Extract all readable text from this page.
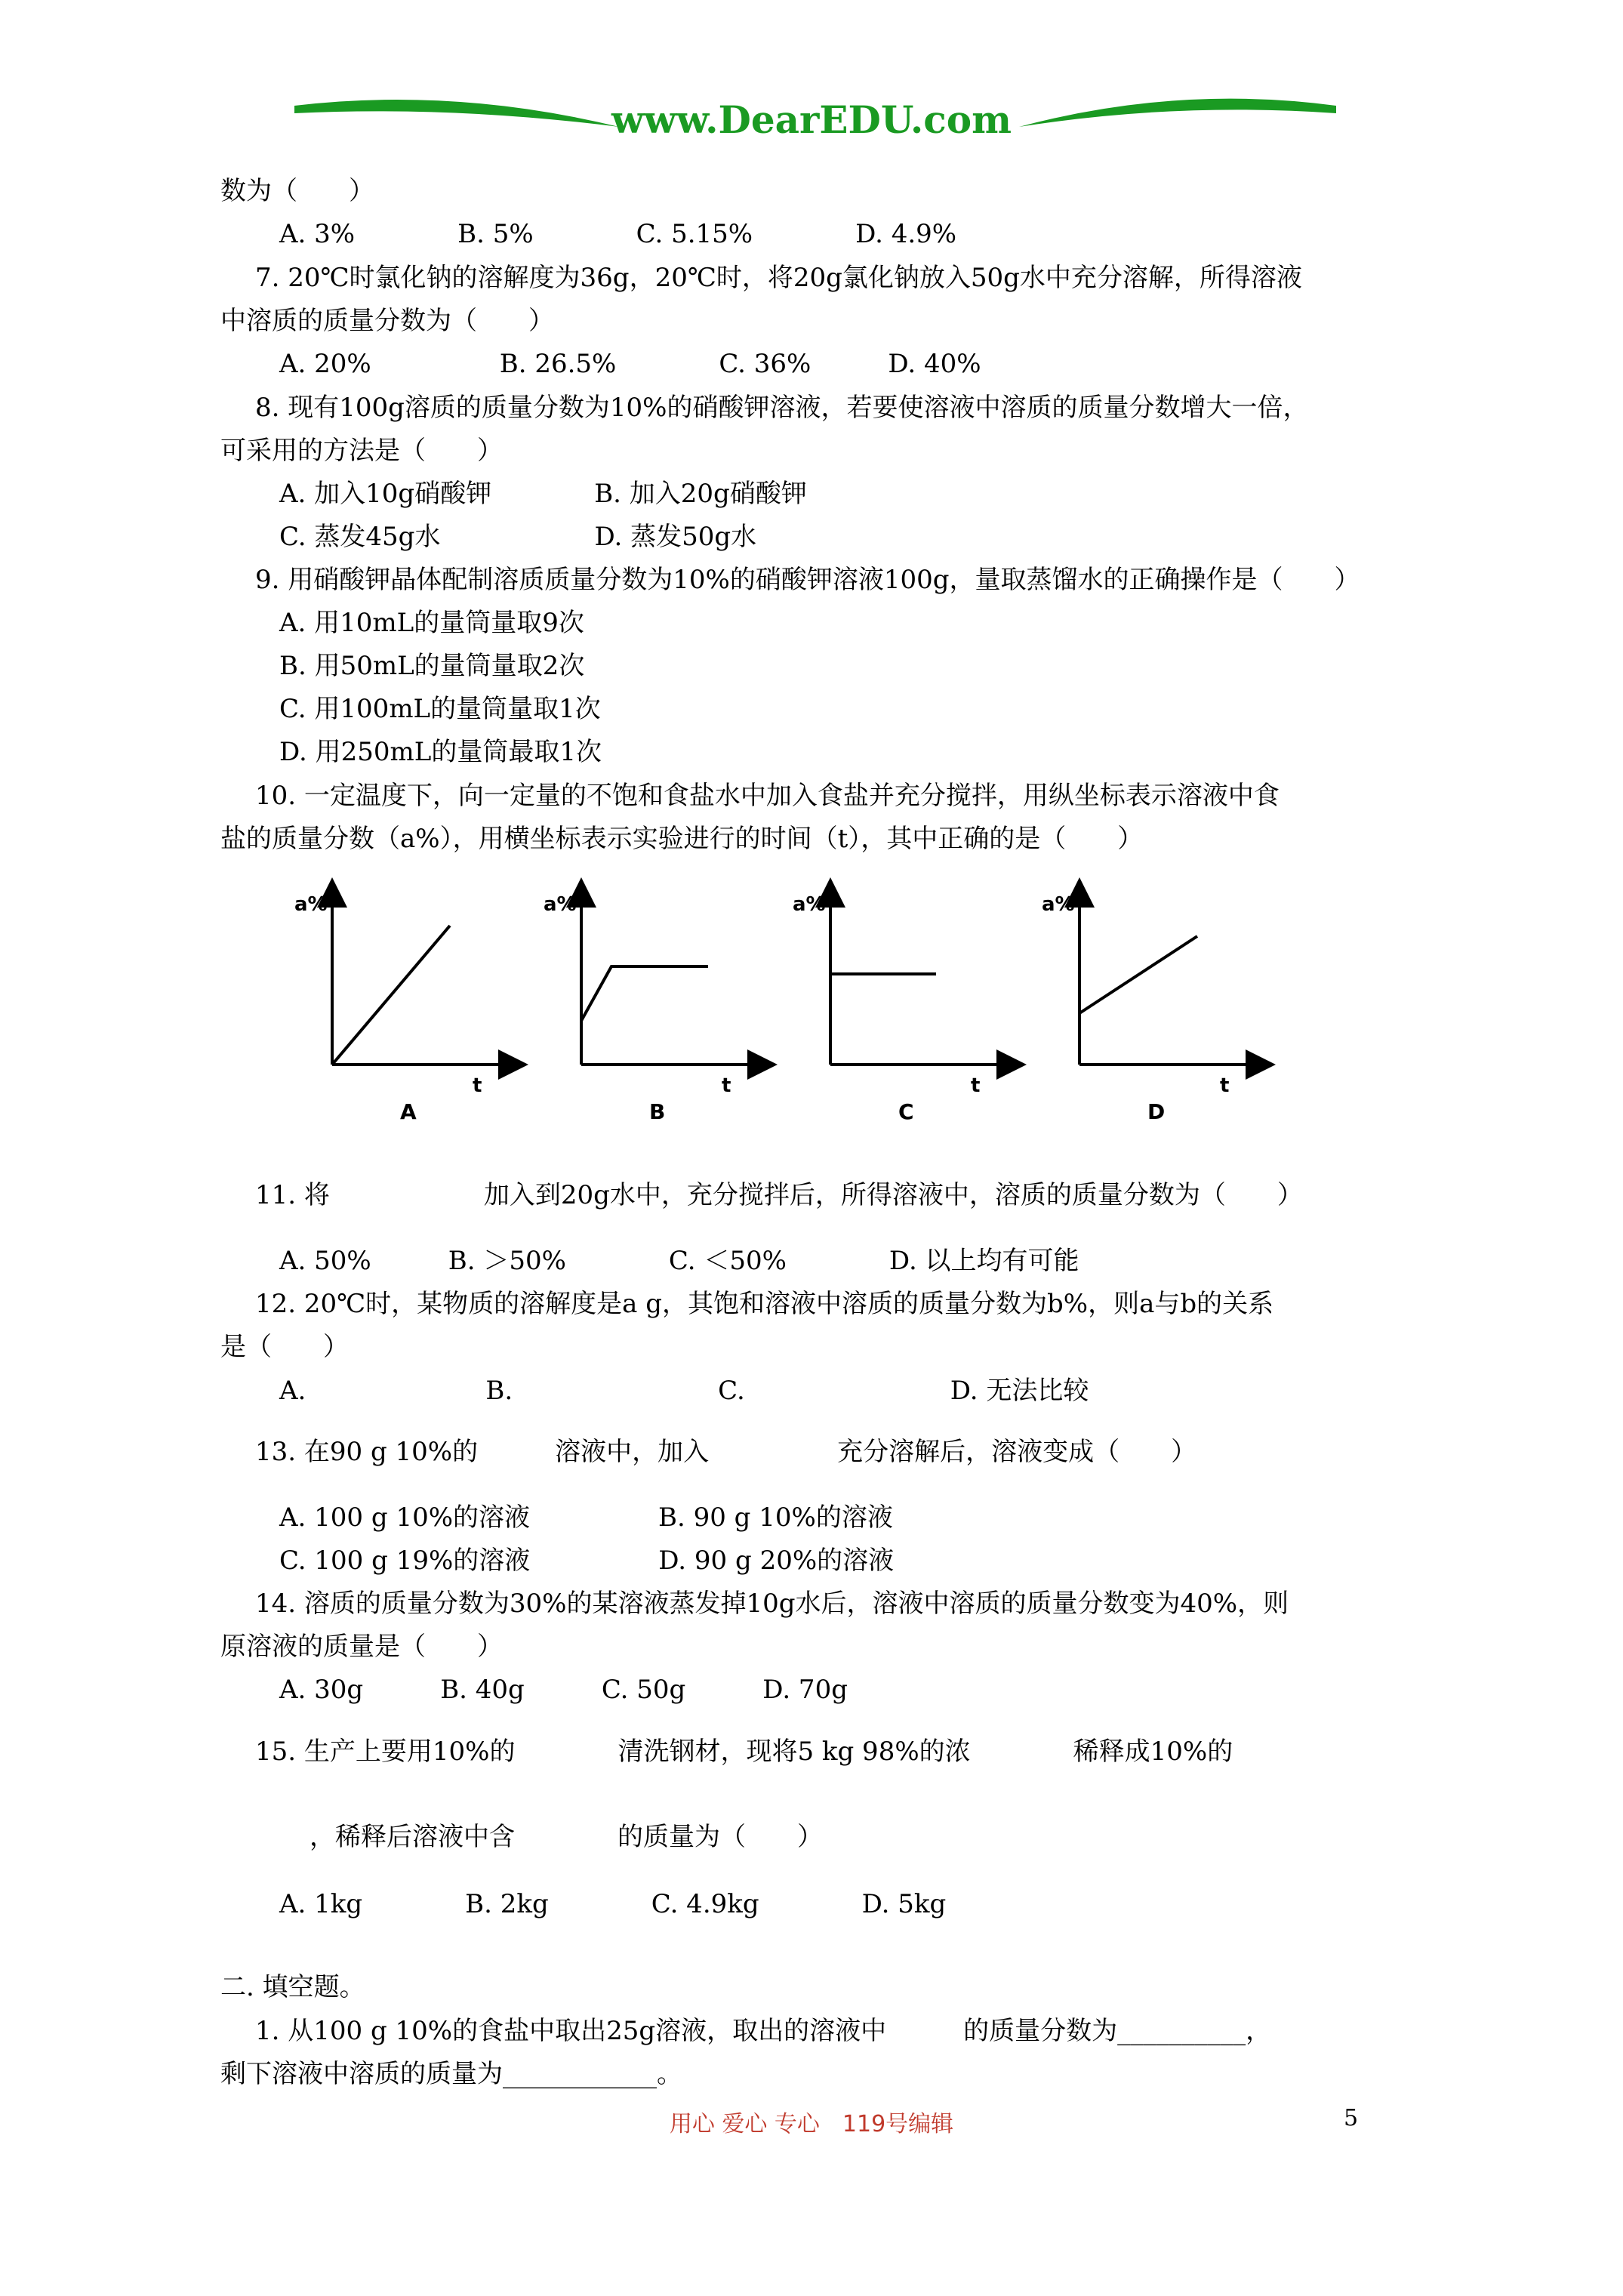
www.DearEDU.com
数为（　　）
A. 3%　　　　B. 5%　　　　C. 5.15%　　　　D. 4.9%
7. 20℃时氯化钠的溶解度为36g，20℃时，将20g氯化钠放入50g水中充分溶解，所得溶液
中溶质的质量分数为（　　）
A. 20%　　　　　B. 26.5%　　　　C. 36%　　　D. 40%
8. 现有100g溶质的质量分数为10%的硝酸钾溶液，若要使溶液中溶质的质量分数增大一倍，
可采用的方法是（　　）
A. 加入10g硝酸钾　　　　B. 加入20g硝酸钾
C. 蒸发45g水　　　　　　D. 蒸发50g水
9. 用硝酸钾晶体配制溶质质量分数为10%的硝酸钾溶液100g，量取蒸馏水的正确操作是（　　）
A. 用10mL的量筒量取9次
B. 用50mL的量筒量取2次
C. 用100mL的量筒量取1次
D. 用250mL的量筒最取1次
10. 一定温度下，向一定量的不饱和食盐水中加入食盐并充分搅拌，用纵坐标表示溶液中食
盐的质量分数（a%），用横坐标表示实验进行的时间（t），其中正确的是（　　）
a%
t
A
a%
t
B
a%
t
C
a%
t
D
11. 将　　　　　　加入到20g水中，充分搅拌后，所得溶液中，溶质的质量分数为（　　）
A. 50%　　　B. ＞50%　　　　C. ＜50%　　　　D. 以上均有可能
12. 20℃时，某物质的溶解度是a g，其饱和溶液中溶质的质量分数为b%，则a与b的关系
是（　　）
A.　　　　　　　B.　　　　　　　　C.　　　　　　　　D. 无法比较
13. 在90 g 10%的　　　溶液中，加入　　　　　充分溶解后，溶液变成（　　）
A. 100 g 10%的溶液　　　　　B. 90 g 10%的溶液
C. 100 g 19%的溶液　　　　　D. 90 g 20%的溶液
14. 溶质的质量分数为30%的某溶液蒸发掉10g水后，溶液中溶质的质量分数变为40%，则
原溶液的质量是（　　）
A. 30g　　　B. 40g　　　C. 50g　　　D. 70g
15. 生产上要用10%的　　　　清洗钢材，现将5 kg 98%的浓　　　　稀释成10%的
，稀释后溶液中含　　　　的质量为（　　）
A. 1kg　　　　B. 2kg　　　　C. 4.9kg　　　　D. 5kg
二. 填空题。
1. 从100 g 10%的食盐中取出25g溶液，取出的溶液中　　　的质量分数为__________，
剩下溶液中溶质的质量为____________。
用心 爱心 专心　119号编辑	5
